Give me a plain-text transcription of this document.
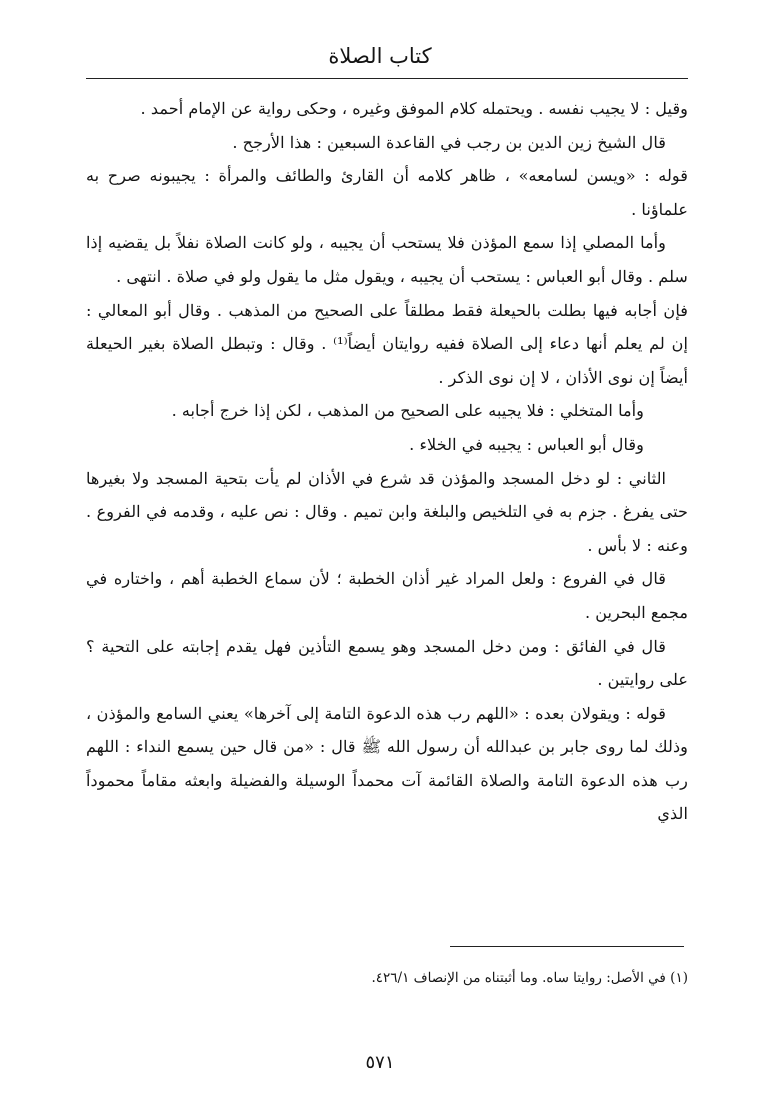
كتاب الصلاة

وقيل : لا يجيب نفسه . ويحتمله كلام الموفق وغيره ، وحكى رواية عن الإمام أحمد .

قال الشيخ زين الدين بن رجب في القاعدة السبعين : هذا الأرجح .

قوله : «ويسن لسامعه» ، ظاهر كلامه أن القارئ والطائف والمرأة : يجيبونه صرح به علماؤنا .

وأما المصلي إذا سمع المؤذن فلا يستحب أن يجيبه ، ولو كانت الصلاة نفلاً بل يقضيه إذا سلم . وقال أبو العباس : يستحب أن يجيبه ، ويقول مثل ما يقول ولو في صلاة . انتهى .

فإن أجابه فيها بطلت بالحيعلة فقط مطلقاً على الصحيح من المذهب . وقال أبو المعالي : إن لم يعلم أنها دعاء إلى الصلاة ففيه روايتان أيضاً⁽¹⁾ . وقال : وتبطل الصلاة بغير الحيعلة أيضاً إن نوى الأذان ، لا إن نوى الذكر .

وأما المتخلي : فلا يجيبه على الصحيح من المذهب ، لكن إذا خرج أجابه .

وقال أبو العباس : يجيبه في الخلاء .

الثاني : لو دخل المسجد والمؤذن قد شرع في الأذان لم يأت بتحية المسجد ولا بغيرها حتى يفرغ . جزم به في التلخيص والبلغة وابن تميم . وقال : نص عليه ، وقدمه في الفروع . وعنه : لا بأس .

قال في الفروع : ولعل المراد غير أذان الخطبة ؛ لأن سماع الخطبة أهم ، واختاره في مجمع البحرين .

قال في الفائق : ومن دخل المسجد وهو يسمع التأذين فهل يقدم إجابته على التحية ؟ على روايتين .

قوله : ويقولان بعده : «اللهم رب هذه الدعوة التامة إلى آخرها» يعني السامع والمؤذن ، وذلك لما روى جابر بن عبدالله أن رسول الله ﷺ قال : «من قال حين يسمع النداء : اللهم رب هذه الدعوة التامة والصلاة القائمة آت محمداً الوسيلة والفضيلة وابعثه مقاماً محموداً الذي

(١) في الأصل: روايتا ساه. وما أثبتناه من الإنصاف ٤٢٦/١.
٥٧١
